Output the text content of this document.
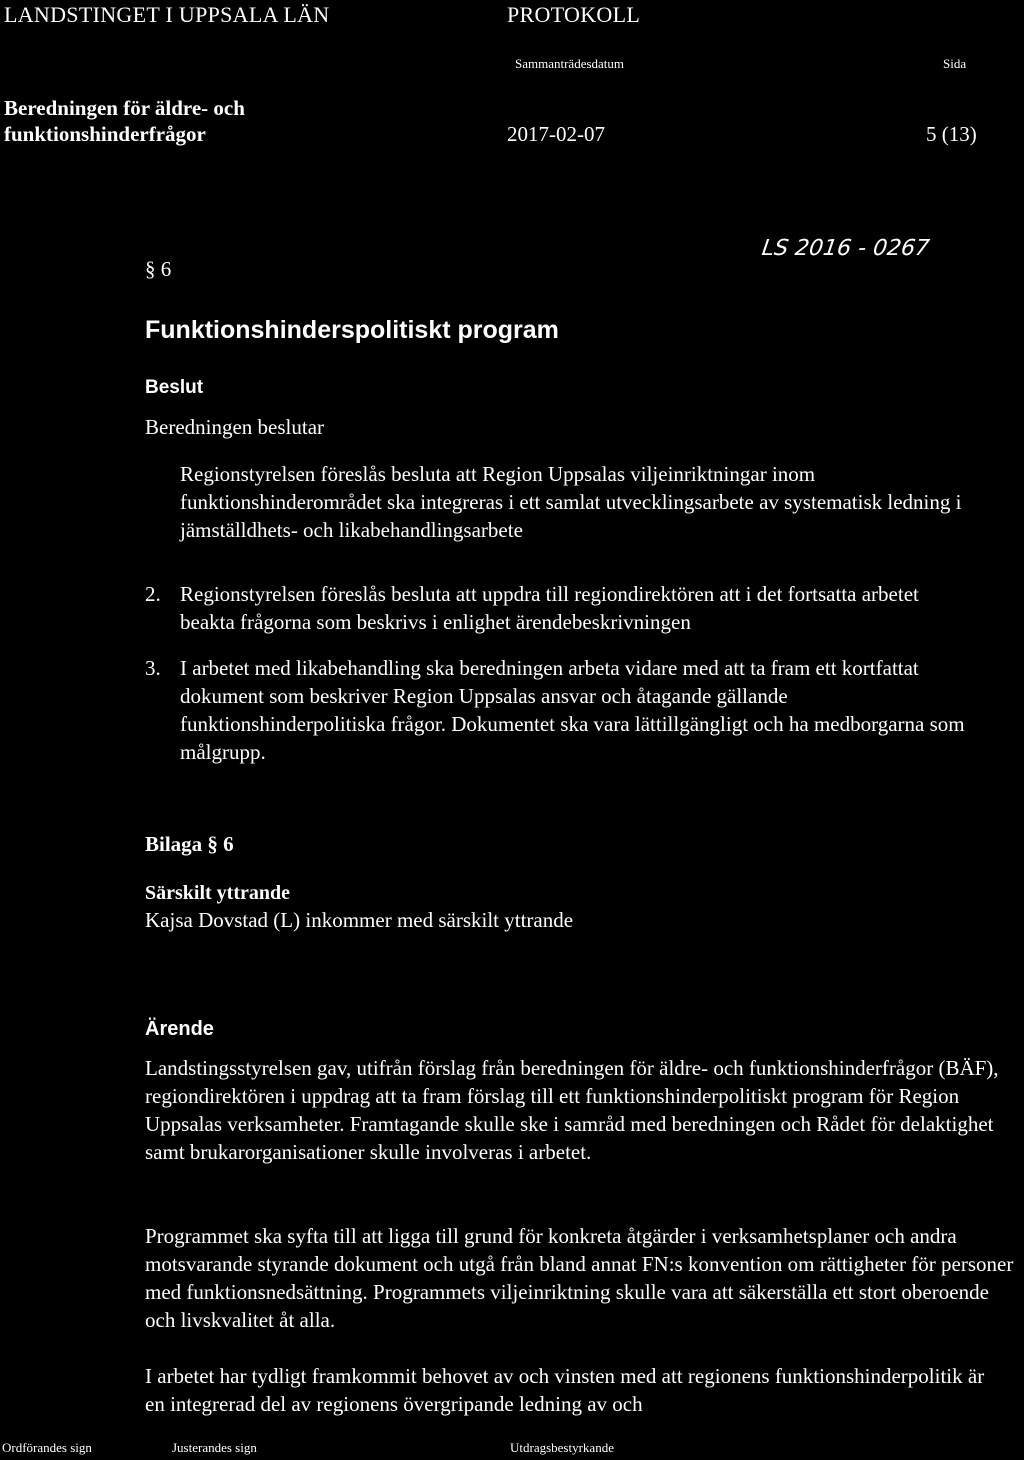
LANDSTINGET I UPPSALA LÄN	PROTOKOLL
Sammanträdesdatum	Sida
Beredningen för äldre- och
funktionshinderfrågor	2017-02-07	5 (13)
§ 6
LS 2016 - 0267
Funktionshinderspolitiskt program
Beslut
Beredningen beslutar
Regionstyrelsen föreslås besluta att Region Uppsalas viljeinriktningar inom funktionshinderområdet ska integreras i ett samlat utvecklingsarbete av systematisk ledning i jämställdhets- och likabehandlingsarbete
2. Regionstyrelsen föreslås besluta att uppdra till regiondirektören att i det fortsatta arbetet beakta frågorna som beskrivs i enlighet ärendebeskrivningen
3. I arbetet med likabehandling ska beredningen arbeta vidare med att ta fram ett kortfattat dokument som beskriver Region Uppsalas ansvar och åtagande gällande funktionshinderpolitiska frågor. Dokumentet ska vara lättillgängligt och ha medborgarna som målgrupp.
Bilaga § 6
Särskilt yttrande
Kajsa Dovstad (L) inkommer med särskilt yttrande
Ärende
Landstingsstyrelsen gav, utifrån förslag från beredningen för äldre- och funktionshinderfrågor (BÄF), regiondirektören i uppdrag att ta fram förslag till ett funktionshinderpolitiskt program för Region Uppsalas verksamheter. Framtagande skulle ske i samråd med beredningen och Rådet för delaktighet samt brukarorganisationer skulle involveras i arbetet.
Programmet ska syfta till att ligga till grund för konkreta åtgärder i verksamhetsplaner och andra motsvarande styrande dokument och utgå från bland annat FN:s konvention om rättigheter för personer med funktionsnedsättning. Programmets viljeinriktning skulle vara att säkerställa ett stort oberoende och livskvalitet åt alla.
I arbetet har tydligt framkommit behovet av och vinsten med att regionens funktionshinderpolitik är en integrerad del av regionens övergripande ledning av och
Ordförandes sign	Justerandes sign	Utdragsbestyrkande
